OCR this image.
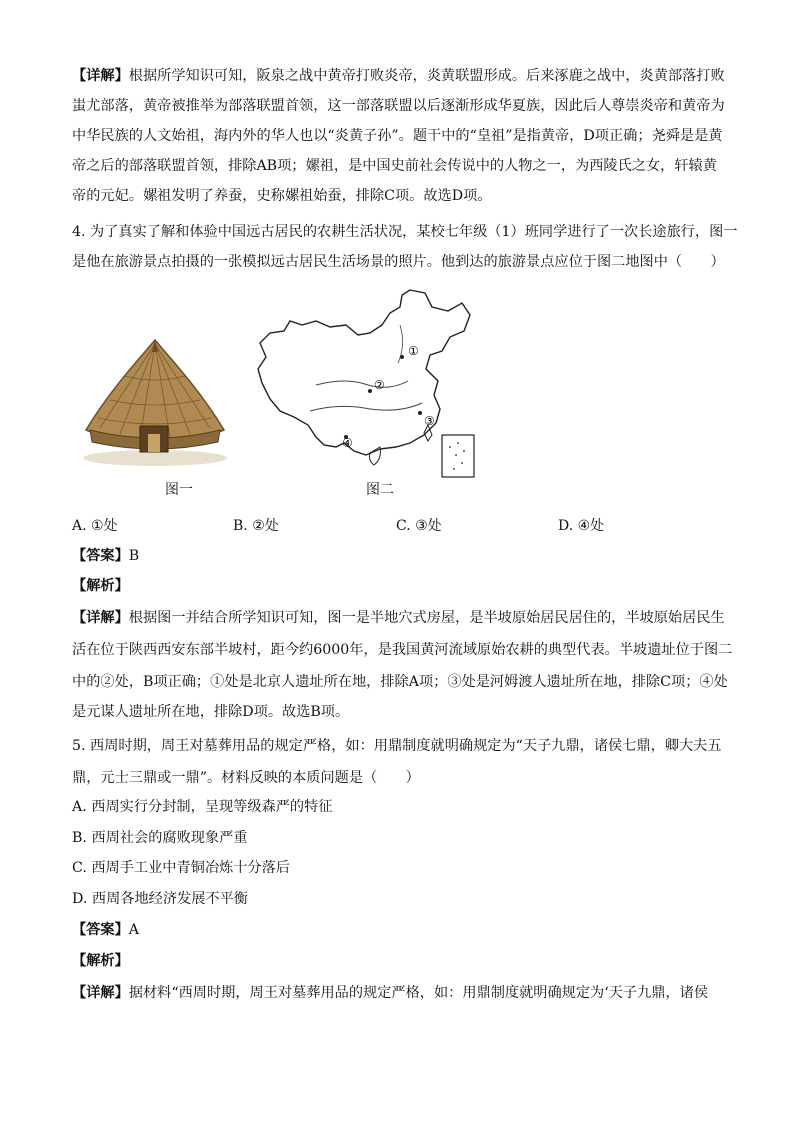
【详解】根据所学知识可知，阪泉之战中黄帝打败炎帝，炎黄联盟形成。后来涿鹿之战中，炎黄部落打败
蚩尤部落，黄帝被推举为部落联盟首领，这一部落联盟以后逐渐形成华夏族，因此后人尊崇炎帝和黄帝为
中华民族的人文始祖，海内外的华人也以“炎黄子孙”。题干中的“皇祖”是指黄帝，D项正确；尧舜是是黄
帝之后的部落联盟首领，排除AB项；嫘祖，是中国史前社会传说中的人物之一，为西陵氏之女，轩辕黄
帝的元妃。嫘祖发明了养蚕，史称嫘祖始蚕，排除C项。故选D项。
4. 为了真实了解和体验中国远古居民的农耕生活状况，某校七年级（1）班同学进行了一次长途旅行，图一
是他在旅游景点拍摄的一张模拟远古居民生活场景的照片。他到达的旅游景点应位于图二地图中（　　）
①
②
③
④
图一	图二
A. ①处	B. ②处	C. ③处	D. ④处
【答案】B
【解析】
【详解】根据图一并结合所学知识可知，图一是半地穴式房屋，是半坡原始居民居住的，半坡原始居民生
活在位于陕西西安东部半坡村，距今约6000年，是我国黄河流域原始农耕的典型代表。半坡遗址位于图二
中的②处，B项正确；①处是北京人遗址所在地，排除A项；③处是河姆渡人遗址所在地，排除C项；④处
是元谋人遗址所在地，排除D项。故选B项。
5. 西周时期，周王对墓葬用品的规定严格，如：用鼎制度就明确规定为“天子九鼎，诸侯七鼎，卿大夫五
鼎，元士三鼎或一鼎”。材料反映的本质问题是（　　）
A. 西周实行分封制，呈现等级森严的特征
B. 西周社会的腐败现象严重
C. 西周手工业中青铜冶炼十分落后
D. 西周各地经济发展不平衡
【答案】A
【解析】
【详解】据材料“西周时期，周王对墓葬用品的规定严格，如：用鼎制度就明确规定为‘天子九鼎，诸侯
